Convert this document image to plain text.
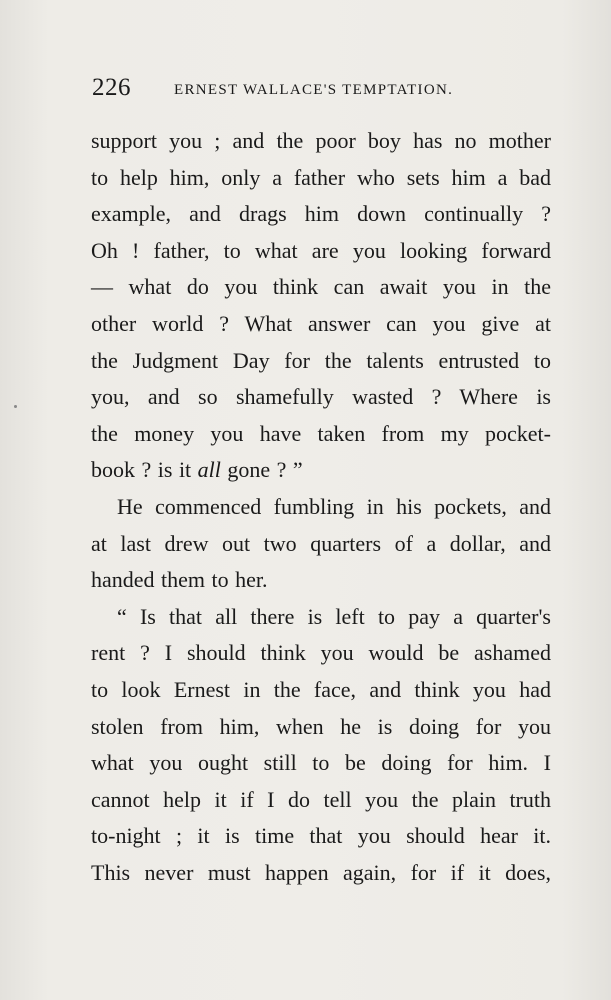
226	ERNEST WALLACE'S TEMPTATION.
support you ; and the poor boy has no mother
to help him, only a father who sets him a bad
example, and drags him down continually ?
Oh ! father, to what are you looking forward
— what do you think can await you in the
other world ? What answer can you give at
the Judgment Day for the talents entrusted to
you, and so shamefully wasted ? Where is
the money you have taken from my pocket-
book ? is it all gone ? ”
He commenced fumbling in his pockets, and
at last drew out two quarters of a dollar, and
handed them to her.
“ Is that all there is left to pay a quarter's
rent ? I should think you would be ashamed
to look Ernest in the face, and think you had
stolen from him, when he is doing for you
what you ought still to be doing for him. I
cannot help it if I do tell you the plain truth
to-night ; it is time that you should hear it.
This never must happen again, for if it does,
